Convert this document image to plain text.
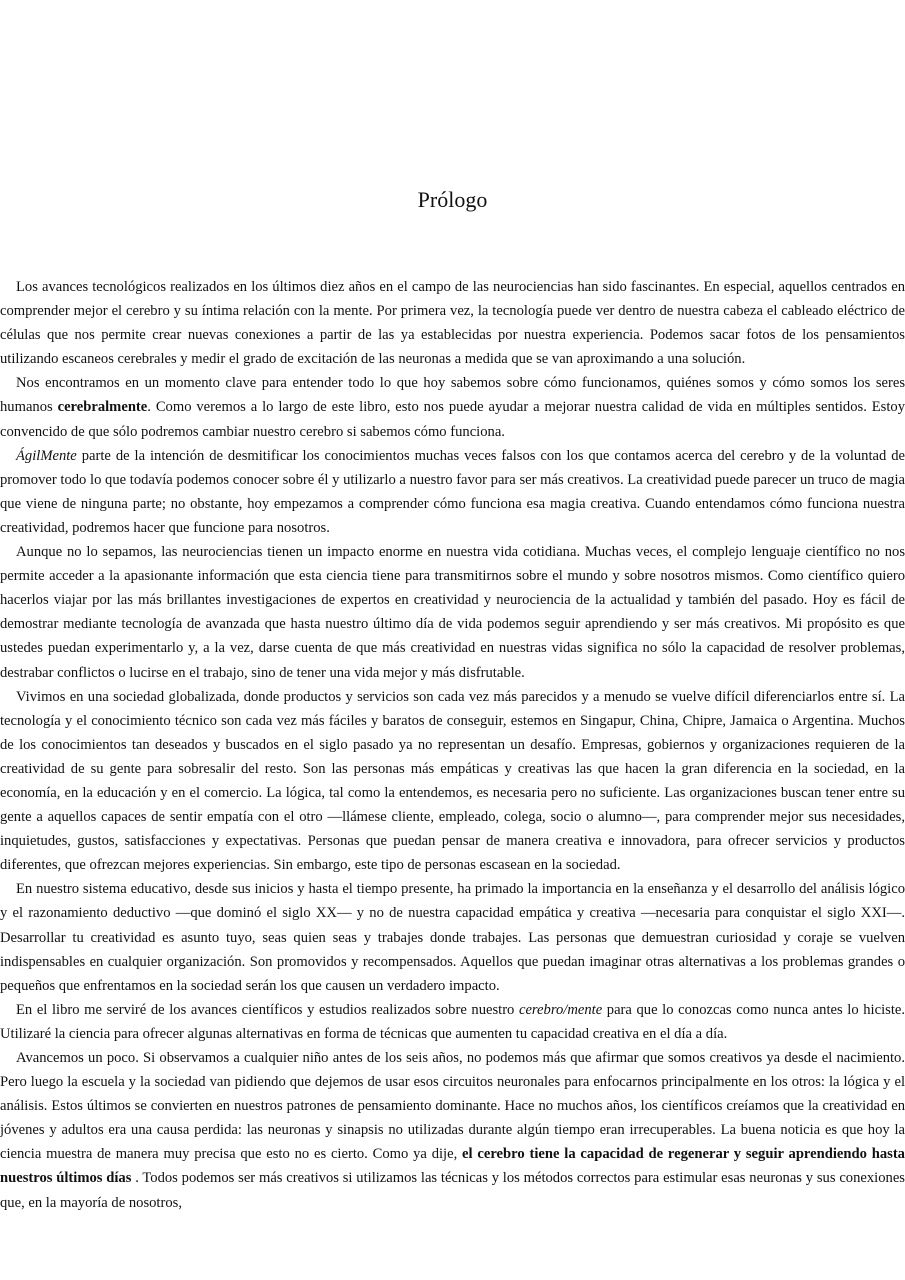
Prólogo

Los avances tecnológicos realizados en los últimos diez años en el campo de las neurociencias han sido fascinantes. En especial, aquellos centrados en comprender mejor el cerebro y su íntima relación con la mente. Por primera vez, la tecnología puede ver dentro de nuestra cabeza el cableado eléctrico de células que nos permite crear nuevas conexiones a partir de las ya establecidas por nuestra experiencia. Podemos sacar fotos de los pensamientos utilizando escaneos cerebrales y medir el grado de excitación de las neuronas a medida que se van aproximando a una solución.

Nos encontramos en un momento clave para entender todo lo que hoy sabemos sobre cómo funcionamos, quiénes somos y cómo somos los seres humanos cerebralmente. Como veremos a lo largo de este libro, esto nos puede ayudar a mejorar nuestra calidad de vida en múltiples sentidos. Estoy convencido de que sólo podremos cambiar nuestro cerebro si sabemos cómo funciona.

ÁgilMente parte de la intención de desmitificar los conocimientos muchas veces falsos con los que contamos acerca del cerebro y de la voluntad de promover todo lo que todavía podemos conocer sobre él y utilizarlo a nuestro favor para ser más creativos. La creatividad puede parecer un truco de magia que viene de ninguna parte; no obstante, hoy empezamos a comprender cómo funciona esa magia creativa. Cuando entendamos cómo funciona nuestra creatividad, podremos hacer que funcione para nosotros.

Aunque no lo sepamos, las neurociencias tienen un impacto enorme en nuestra vida cotidiana. Muchas veces, el complejo lenguaje científico no nos permite acceder a la apasionante información que esta ciencia tiene para transmitirnos sobre el mundo y sobre nosotros mismos. Como científico quiero hacerlos viajar por las más brillantes investigaciones de expertos en creatividad y neurociencia de la actualidad y también del pasado. Hoy es fácil de demostrar mediante tecnología de avanzada que hasta nuestro último día de vida podemos seguir aprendiendo y ser más creativos. Mi propósito es que ustedes puedan experimentarlo y, a la vez, darse cuenta de que más creatividad en nuestras vidas significa no sólo la capacidad de resolver problemas, destrabar conflictos o lucirse en el trabajo, sino de tener una vida mejor y más disfrutable.

Vivimos en una sociedad globalizada, donde productos y servicios son cada vez más parecidos y a menudo se vuelve difícil diferenciarlos entre sí. La tecnología y el conocimiento técnico son cada vez más fáciles y baratos de conseguir, estemos en Singapur, China, Chipre, Jamaica o Argentina. Muchos de los conocimientos tan deseados y buscados en el siglo pasado ya no representan un desafío. Empresas, gobiernos y organizaciones requieren de la creatividad de su gente para sobresalir del resto. Son las personas más empáticas y creativas las que hacen la gran diferencia en la sociedad, en la economía, en la educación y en el comercio. La lógica, tal como la entendemos, es necesaria pero no suficiente. Las organizaciones buscan tener entre su gente a aquellos capaces de sentir empatía con el otro —llámese cliente, empleado, colega, socio o alumno—, para comprender mejor sus necesidades, inquietudes, gustos, satisfacciones y expectativas. Personas que puedan pensar de manera creativa e innovadora, para ofrecer servicios y productos diferentes, que ofrezcan mejores experiencias. Sin embargo, este tipo de personas escasean en la sociedad.

En nuestro sistema educativo, desde sus inicios y hasta el tiempo presente, ha primado la importancia en la enseñanza y el desarrollo del análisis lógico y el razonamiento deductivo —que dominó el siglo XX— y no de nuestra capacidad empática y creativa —necesaria para conquistar el siglo XXI—. Desarrollar tu creatividad es asunto tuyo, seas quien seas y trabajes donde trabajes. Las personas que demuestran curiosidad y coraje se vuelven indispensables en cualquier organización. Son promovidos y recompensados. Aquellos que puedan imaginar otras alternativas a los problemas grandes o pequeños que enfrentamos en la sociedad serán los que causen un verdadero impacto.

En el libro me serviré de los avances científicos y estudios realizados sobre nuestro cerebro/mente para que lo conozcas como nunca antes lo hiciste. Utilizaré la ciencia para ofrecer algunas alternativas en forma de técnicas que aumenten tu capacidad creativa en el día a día.

Avancemos un poco. Si observamos a cualquier niño antes de los seis años, no podemos más que afirmar que somos creativos ya desde el nacimiento. Pero luego la escuela y la sociedad van pidiendo que dejemos de usar esos circuitos neuronales para enfocarnos principalmente en los otros: la lógica y el análisis. Estos últimos se convierten en nuestros patrones de pensamiento dominante. Hace no muchos años, los científicos creíamos que la creatividad en jóvenes y adultos era una causa perdida: las neuronas y sinapsis no utilizadas durante algún tiempo eran irrecuperables. La buena noticia es que hoy la ciencia muestra de manera muy precisa que esto no es cierto. Como ya dije, el cerebro tiene la capacidad de regenerar y seguir aprendiendo hasta nuestros últimos días . Todos podemos ser más creativos si utilizamos las técnicas y los métodos correctos para estimular esas neuronas y sus conexiones que, en la mayoría de nosotros,
